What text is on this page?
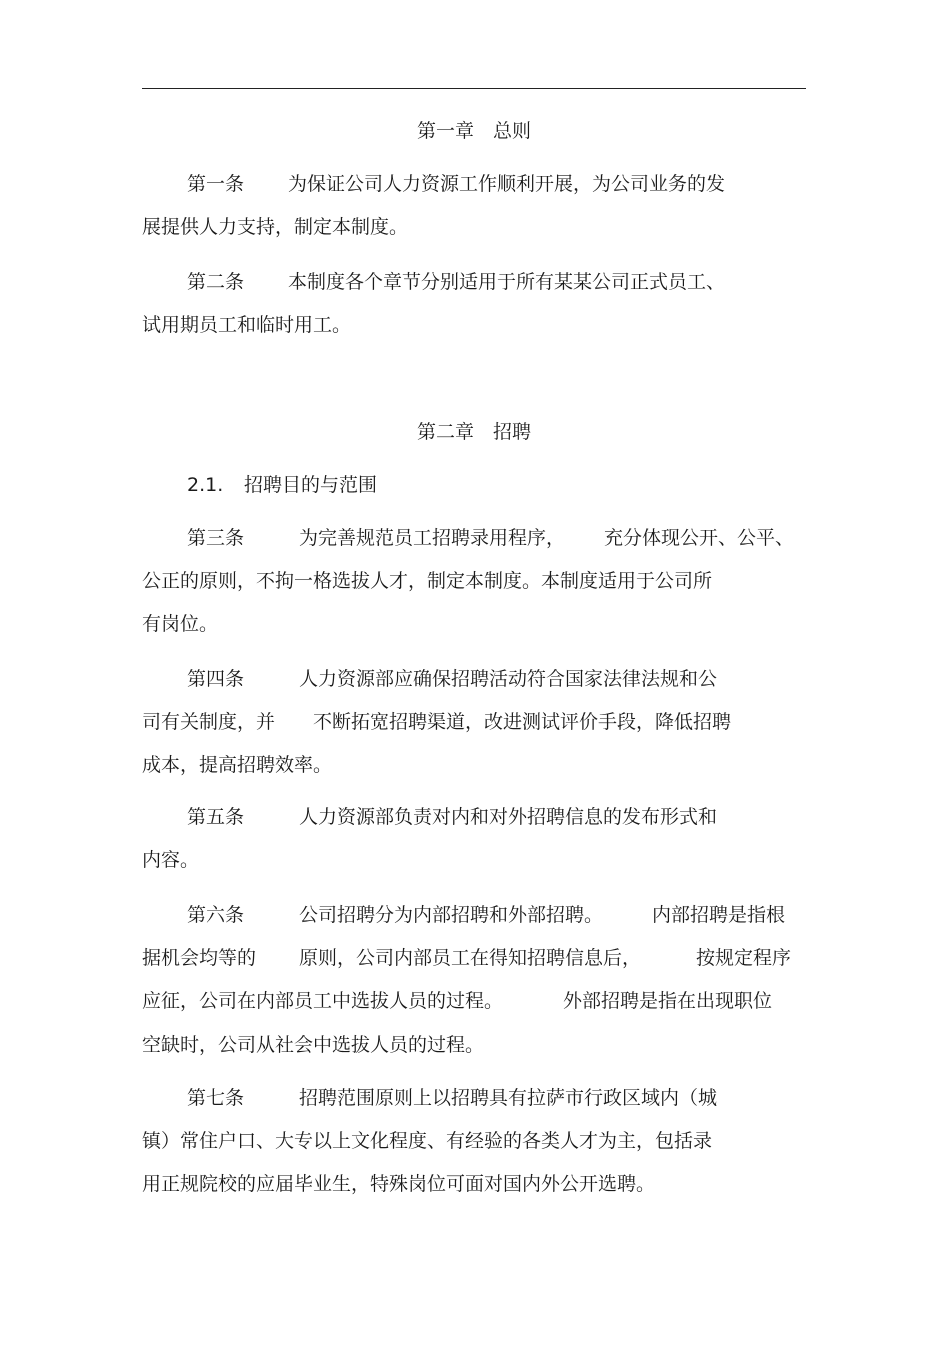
第一章　总则
第一条 为保证公司人力资源工作顺利开展，为公司业务的发
展提供人力支持，制定本制度。
第二条 本制度各个章节分别适用于所有某某公司正式员工、
试用期员工和临时用工。
第二章　招聘
2.1. 招聘目的与范围
第三条	为完善规范员工招聘录用程序， 充分体现公开、公平、
公正的原则，不拘一格选拔人才，制定本制度。本制度适用于公司所
有岗位。
第四条	人力资源部应确保招聘活动符合国家法律法规和公
司有关制度，并 不断拓宽招聘渠道，改进测试评价手段，降低招聘
成本，提高招聘效率。
第五条	人力资源部负责对内和对外招聘信息的发布形式和
内容。
第六条	公司招聘分为内部招聘和外部招聘。	内部招聘是指根
据机会均等的 原则，公司内部员工在得知招聘信息后，	按规定程序
应征，公司在内部员工中选拔人员的过程。	外部招聘是指在出现职位
空缺时，公司从社会中选拔人员的过程。
第七条	招聘范围原则上以招聘具有拉萨市行政区域内（城
镇）常住户口、大专以上文化程度、有经验的各类人才为主，包括录
用正规院校的应届毕业生，特殊岗位可面对国内外公开选聘。
